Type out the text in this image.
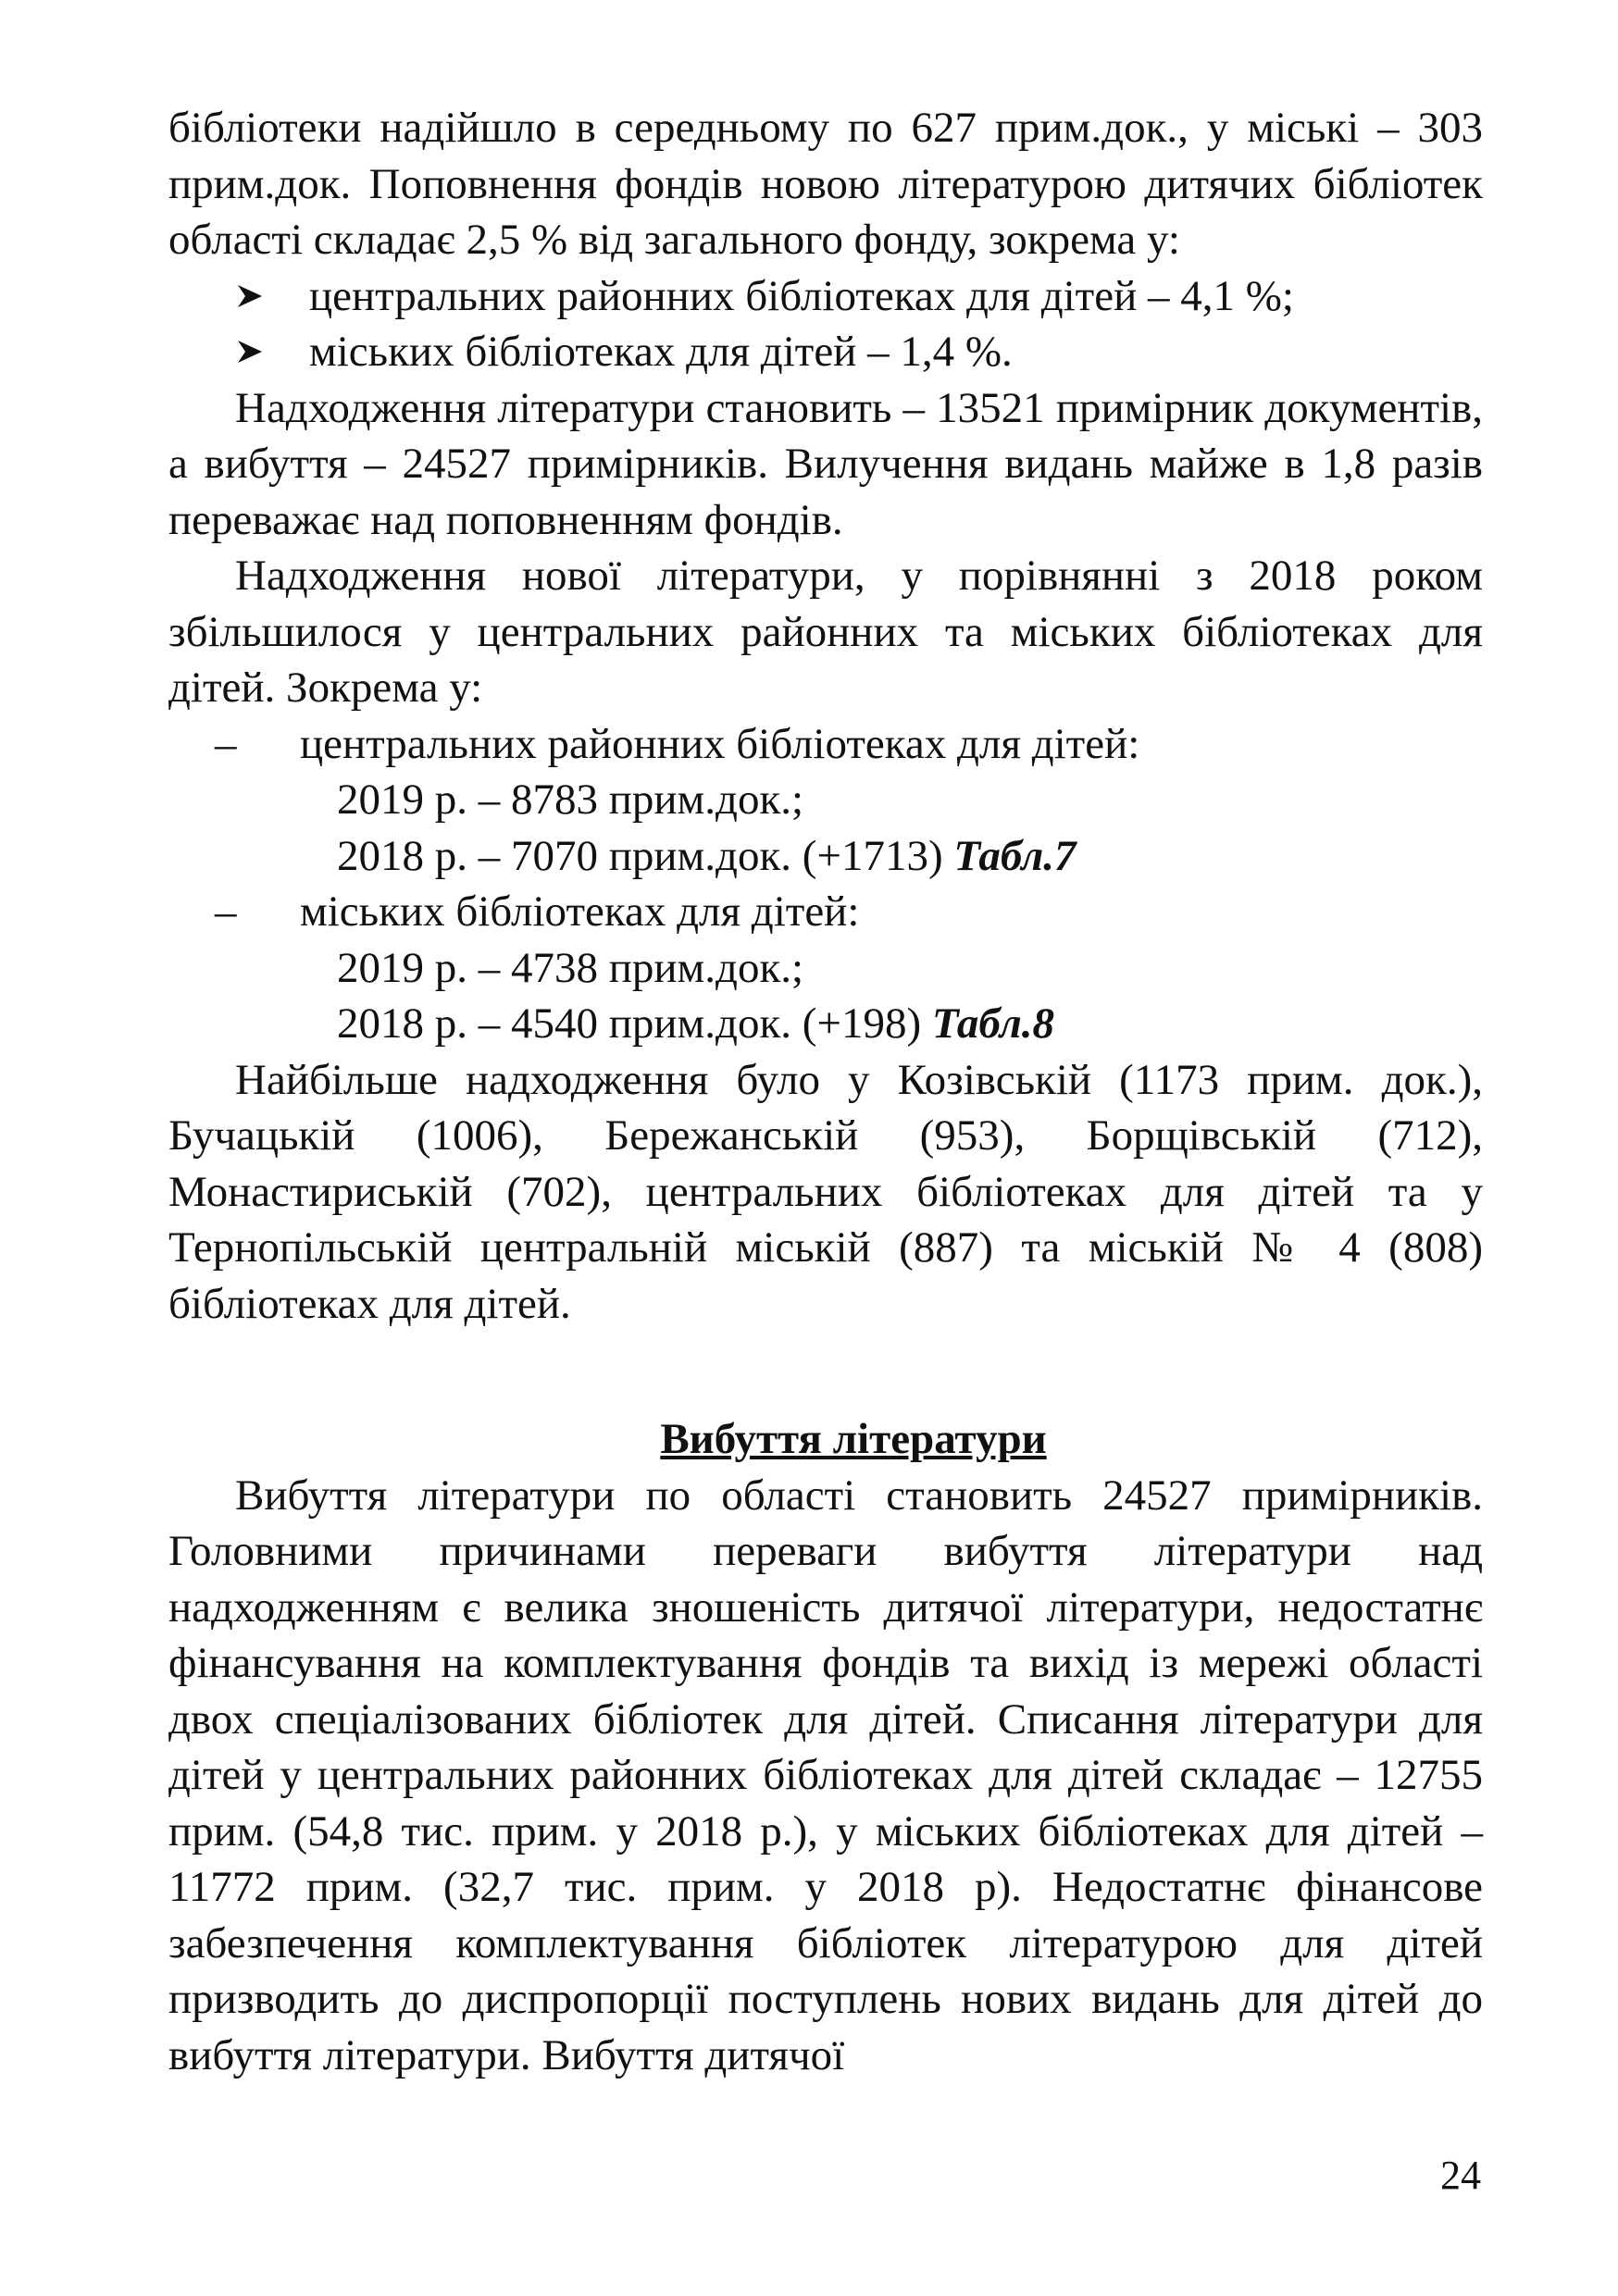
бібліотеки надійшло в середньому по 627 прим.док., у міські – 303 прим.док. Поповнення фондів новою літературою дитячих бібліотек області складає 2,5 % від загального фонду, зокрема у:

центральних районних бібліотеках для дітей – 4,1 %;

міських бібліотеках для дітей – 1,4 %.

Надходження літератури становить – 13521 примірник документів, а вибуття – 24527 примірників. Вилучення видань майже в 1,8 разів переважає над поповненням фондів.

Надходження нової літератури, у порівнянні з 2018 роком збільшилося у центральних районних та міських бібліотеках для дітей. Зокрема у:

– центральних районних бібліотеках для дітей:

2019 р. – 8783 прим.док.;

2018 р. – 7070 прим.док. (+1713) Табл.7

– міських бібліотеках для дітей:

2019 р. – 4738 прим.док.;

2018 р. – 4540 прим.док. (+198) Табл.8

Найбільше надходження було у Козівській (1173 прим. док.), Бучацькій (1006), Бережанській (953), Борщівській (712), Монастириській (702), центральних бібліотеках для дітей та у Тернопільській центральній міській (887) та міській № 4 (808) бібліотеках для дітей.

Вибуття літератури

Вибуття літератури по області становить 24527 примірників. Головними причинами переваги вибуття літератури над надходженням є велика зношеність дитячої літератури, недостатнє фінансування на комплектування фондів та вихід із мережі області двох спеціалізованих бібліотек для дітей. Списання літератури для дітей у центральних районних бібліотеках для дітей складає – 12755 прим. (54,8 тис. прим. у 2018 р.), у міських бібліотеках для дітей – 11772 прим. (32,7 тис. прим. у 2018 р). Недостатнє фінансове забезпечення комплектування бібліотек літературою для дітей призводить до диспропорції поступлень нових видань для дітей до вибуття літератури. Вибуття дитячої

24
